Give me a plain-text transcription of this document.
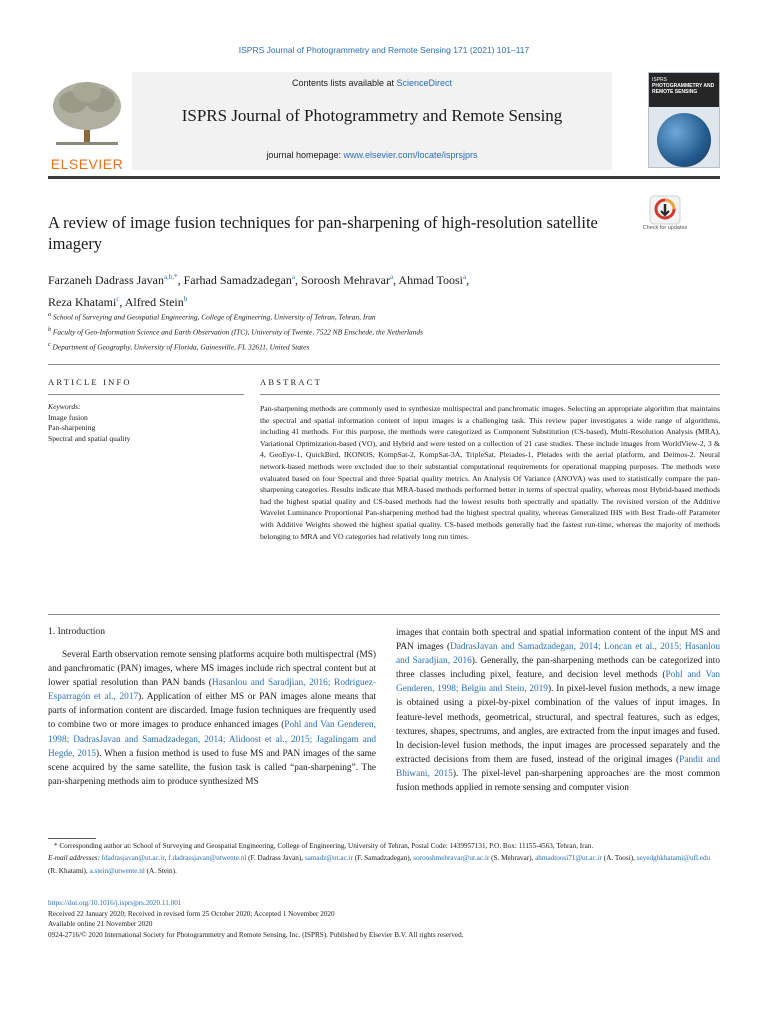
ISPRS Journal of Photogrammetry and Remote Sensing 171 (2021) 101–117
ELSEVIER
Contents lists available at ScienceDirect
ISPRS Journal of Photogrammetry and Remote Sensing
journal homepage: www.elsevier.com/locate/isprsjprs
ISPRS
PHOTOGRAMMETRY AND REMOTE SENSING
Check for updates
A review of image fusion techniques for pan-sharpening of high-resolution satellite imagery
Farzaneh Dadrass Javan$^{a,b,*}$, Farhad Samadzadegan$^a$, Soroosh Mehravar$^a$, Ahmad Toosi$^a$,
Reza Khatami$^c$, Alfred Stein$^b$
$^a$ School of Surveying and Geospatial Engineering, College of Engineering, University of Tehran, Tehran, Iran
$^b$ Faculty of Geo-Information Science and Earth Observation (ITC), University of Twente, 7522 NB Enschede, the Netherlands
$^c$ Department of Geography, University of Florida, Gainesville, FL 32611, United States
ARTICLE INFO	ABSTRACT
Keywords:
Image fusion
Pan-sharpening
Spectral and spatial quality
Pan-sharpening methods are commonly used to synthesize multispectral and panchromatic images. Selecting an appropriate algorithm that maintains the spectral and spatial information content of input images is a challenging task. This review paper investigates a wide range of algorithms, including 41 methods. For this purpose, the methods were categorized as Component Substitution (CS-based), Multi-Resolution Analysis (MRA), Variational Optimization-based (VO), and Hybrid and were tested on a collection of 21 case studies. These include images from WorldView-2, 3 & 4, GeoEye-1, QuickBird, IKONOS, KompSat-2, KompSat-3A, TripleSat, Pleiades-1, Pleiades with the aerial platform, and Deimos-2. Neural network-based methods were excluded due to their substantial computational requirements for operational mapping purposes. The methods were evaluated based on four Spectral and three Spatial quality metrics. An Analysis Of Variance (ANOVA) was used to statistically compare the pan-sharpening categories. Results indicate that MRA-based methods performed better in terms of spectral quality, whereas most Hybrid-based methods had the highest spatial quality and CS-based methods had the lowest results both spectrally and spatially. The revisited version of the Additive Wavelet Luminance Proportional Pan-sharpening method had the highest spectral quality, whereas Generalized IHS with Best Trade-off Parameter with Additive Weights showed the highest spatial quality. CS-based methods generally had the fastest run-time, whereas the majority of methods belonging to MRA and VO categories had relatively long run times.
1. Introduction
Several Earth observation remote sensing platforms acquire both multispectral (MS) and panchromatic (PAN) images, where MS images include rich spectral content but at lower spatial resolution than PAN bands (Hasanlou and Saradjian, 2016; Rodriguez-Esparragón et al., 2017). Application of either MS or PAN images alone means that parts of information content are discarded. Image fusion techniques are frequently used to combine two or more images to produce enhanced images (Pohl and Van Genderen, 1998; DadrasJavan and Samadzadegan, 2014; Alidoost et al., 2015; Jagalingam and Hegde, 2015). When a fusion method is used to fuse MS and PAN images of the same scene acquired by the same satellite, the fusion task is called “pan-sharpening”. The pan-sharpening methods aim to produce synthesized MS
images that contain both spectral and spatial information content of the input MS and PAN images (DadrasJavan and Samadzadegan, 2014; Loncan et al., 2015; Hasanlou and Saradjian, 2016). Generally, the pan-sharpening methods can be categorized into three classes including pixel, feature, and decision level methods (Pohl and Van Genderen, 1998; Belgiu and Stein, 2019). In pixel-level fusion methods, a new image is obtained using a pixel-by-pixel combination of the values of input images. In feature-level methods, geometrical, structural, and spectral features, such as edges, textures, shapes, spectrums, and angles, are extracted from the input images and fused. In decision-level fusion methods, the input images are processed separately and the extracted decisions from them are fused, instead of the original images (Pandit and Bhiwani, 2015). The pixel-level pan-sharpening approaches are the most common fusion methods applied in remote sensing and computer vision
* Corresponding author at: School of Surveying and Geospatial Engineering, College of Engineering, University of Tehran, Postal Code: 1439957131, P.O. Box: 11155-4563, Tehran, Iran.
E-mail addresses: fdadrasjavan@ut.ac.ir, f.dadrassjavan@utwente.nl (F. Dadrass Javan), samadz@ut.ac.ir (F. Samadzadegan), sorooshmehravar@ut.ac.ir (S. Mehravar), ahmadtoosi71@ut.ac.ir (A. Toosi), seyedghkhatami@ufl.edu (R. Khatami), a.stein@utwente.nl (A. Stein).
https://doi.org/10.1016/j.isprsjprs.2020.11.001
Received 22 January 2020; Received in revised form 25 October 2020; Accepted 1 November 2020
Available online 21 November 2020
0924-2716/© 2020 International Society for Photogrammetry and Remote Sensing, Inc. (ISPRS). Published by Elsevier B.V. All rights reserved.
